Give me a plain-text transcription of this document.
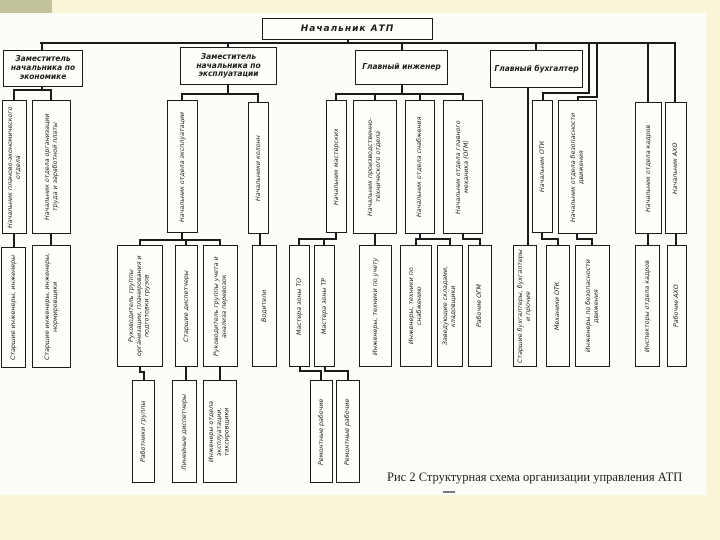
Начальник АТП
Заместитель начальника по экономике
Заместитель начальника по эксплуатации
Главный инженер	Главный бухгалтер
Начальник планово-экономического отдела	Начальник отдела организации труда и заработной платы	Начальник отдела эксплуатации	Начальники колонн	Начальник мастерских	Начальник производственно-технического отдела	Начальник отдела снабжения	Начальник отдела главного механика (ОГМ)	Начальник ОТК	Начальник отдела безопасности движения	Начальник отдела кадров	Начальник АХО
Старшие инженеры, инженеры	Старшие инженеры, инженеры, нормировщики	Руководитель группы организации, планирования и подготовки грузов	Старшие диспетчеры	Руководитель группы учета и анализа перевозок	Водители	Мастера зоны ТО	Мастера зоны ТР	Инженеры, техники по учету	Инженеры, техники по снабжению	Заведующие складами, кладовщики	Рабочие ОГМ	Старшие бухгалтеры, бухгалтеры и прочие	Механики ОТК	Инженеры по безопасности движения	Инспекторы отдела кадров	Рабочие АХО
Работники группы	Линейные диспетчеры	Инженеры отдела эксплуатации, таксировщики	Ремонтные рабочие	Ремонтные рабочие
Рис 2 Структурная схема организации управления АТП
